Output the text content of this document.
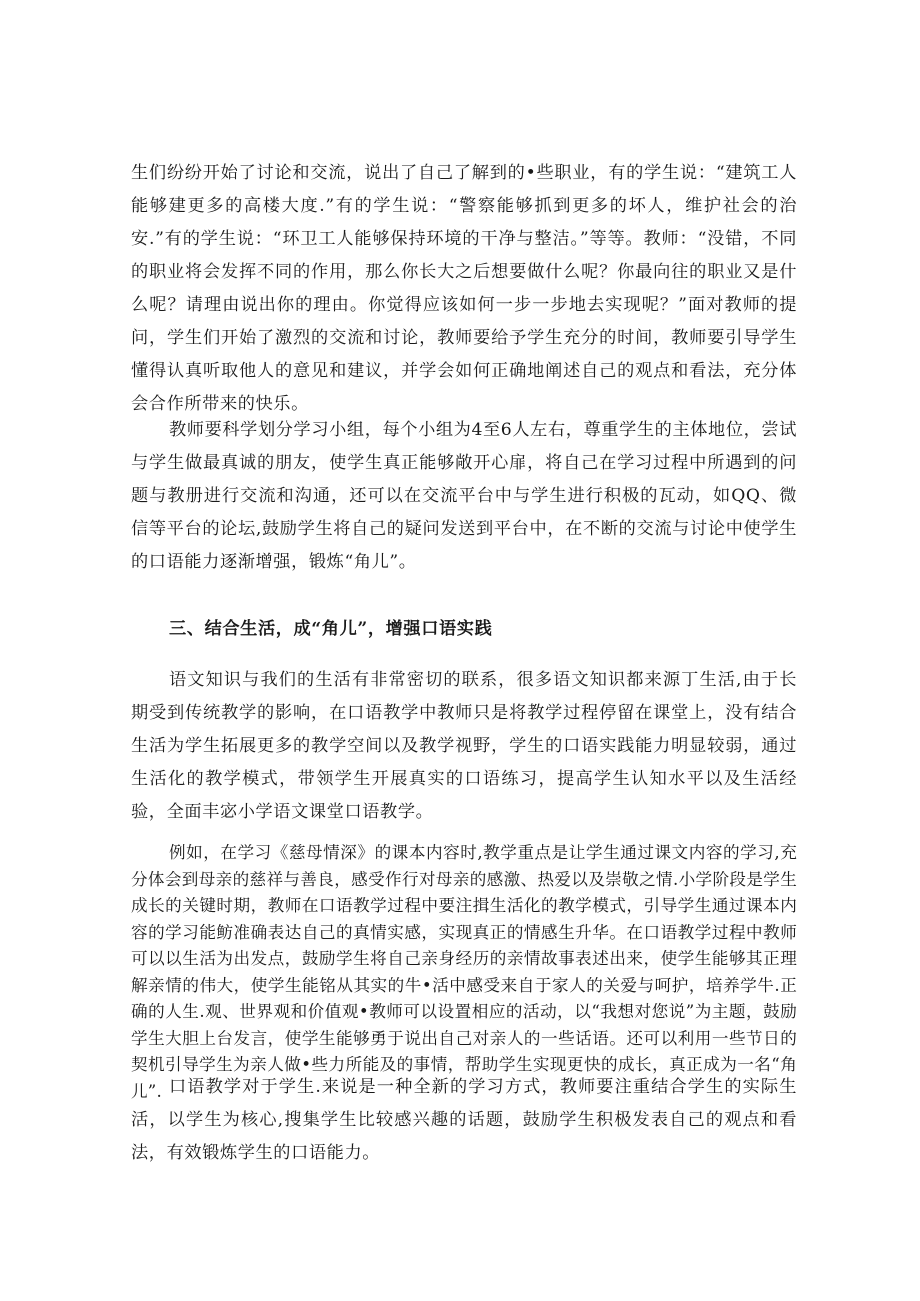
生们纷纷开始了讨论和交流，说出了自己了解到的•些职业，有的学生说：“建筑工人能够建更多的高楼大度.”有的学生说：“警察能够抓到更多的坏人，维护社会的治安.”有的学生说：“环卫工人能够保持环境的干净与整洁。”等等。教师：“没错，不同的职业将会发挥不同的作用，那么你长大之后想要做什么呢？你最向往的职业又是什么呢？请理由说出你的理由。你觉得应该如何一步一步地去实现呢？”面对教师的提问，学生们开始了激烈的交流和讨论，教师要给予学生充分的时间，教师要引导学生懂得认真听取他人的意见和建议，并学会如何正确地阐述自己的观点和看法，充分体会合作所带来的快乐。

教师要科学划分学习小组，每个小组为4至6人左右，尊重学生的主体地位，尝试与学生做最真诚的朋友，使学生真正能够敞开心扉，将自己在学习过程中所遇到的问题与教册进行交流和沟通，还可以在交流平台中与学生进行积极的瓦动，如QQ、微信等平台的论坛,鼓励学生将自己的疑问发送到平台中，在不断的交流与讨论中使学生的口语能力逐渐增强，锻炼“角儿”。

三、结合生活，成“角儿”，增强口语实践

语文知识与我们的生活有非常密切的联系，很多语文知识都来源丁生活,由于长期受到传统教学的影响，在口语教学中教师只是将教学过程停留在课堂上，没有结合生活为学生拓展更多的教学空间以及教学视野，学生的口语实践能力明显较弱，通过生活化的教学模式，带领学生开展真实的口语练习，提高学生认知水平以及生活经验，全面丰宓小学语文课堂口语教学。

例如，在学习《慈母情深》的课本内容时,教学重点是让学生通过课文内容的学习,充分体会到母亲的慈祥与善良，感受作行对母亲的感激、热爱以及崇敬之情.小学阶段是学生成长的关键时期，教师在口语教学过程中要注揖生活化的教学模式，引导学生通过课本内容的学习能鲂准确表达自己的真情实感，实现真正的情感生升华。在口语教学过程中教师可以以生活为出发点，鼓励学生将自己亲身经历的亲情故事表述出来，使学生能够其正理解亲情的伟大，使学生能铭从其实的牛•活中感受来自于家人的关爱与呵护，培养学牛.正确的人生.观、世界观和价值观•教师可以设置相应的活动，以“我想对您说”为主题，鼓励学生大胆上台发言，使学生能够勇于说出自己对亲人的一些话语。还可以利用一些节日的契机引导学生为亲人做•些力所能及的事情，帮助学生实现更快的成长，真正成为一名“角儿”. 口语教学对于学生.来说是一种全新的学习方式，教师要注重结合学生的实际生活，以学生为核心,搜集学生比较感兴趣的话题，鼓励学生积极发表自己的观点和看法，有效锻炼学生的口语能力。
